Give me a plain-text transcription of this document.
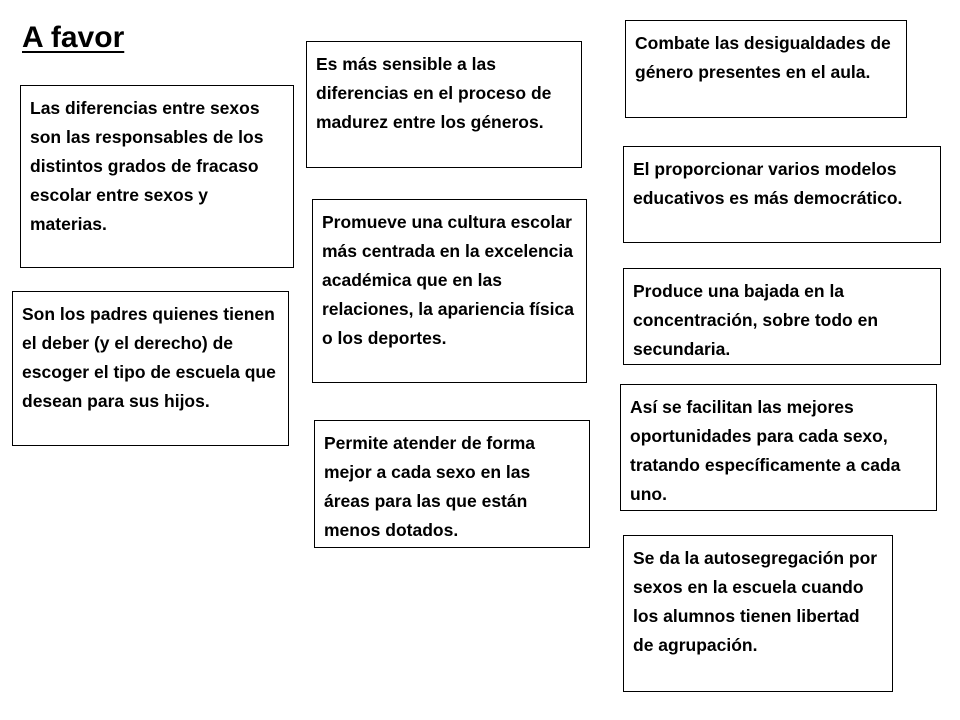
A favor
Las diferencias entre sexos son las responsables de los distintos grados de fracaso escolar entre sexos y materias.
Son los padres quienes tienen el deber (y el derecho) de escoger el tipo de escuela que desean para sus hijos.
Es más sensible a las diferencias en el proceso de madurez entre los géneros.
Promueve una cultura escolar más centrada en la excelencia académica que en las relaciones, la apariencia física o los deportes.
Permite atender de forma mejor a cada sexo en las áreas para las que están menos dotados.
Combate las desigualdades de género presentes en el aula.
El proporcionar varios modelos educativos es más democrático.
Produce una bajada en la concentración, sobre todo en secundaria.
Así se facilitan las mejores oportunidades para cada sexo, tratando específicamente a cada uno.
Se da la autosegregación por sexos en la escuela cuando los alumnos tienen libertad de agrupación.
